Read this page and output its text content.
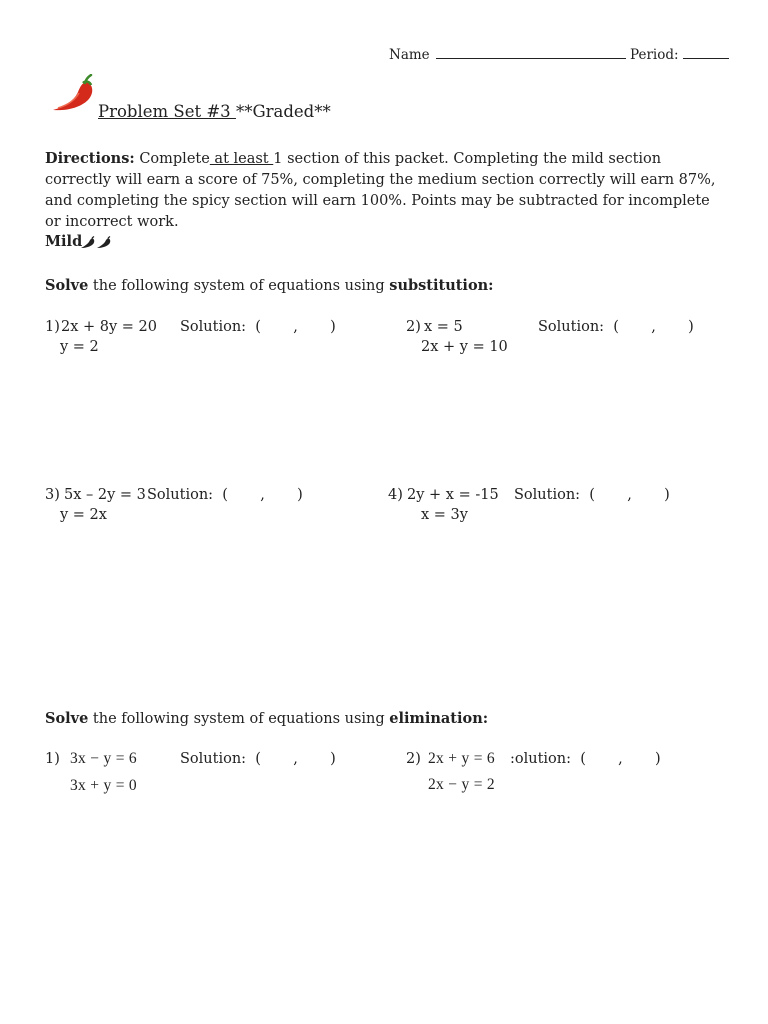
Name	Period:
Problem Set #3 **Graded**
Directions: Complete at least 1 section of this packet. Completing the mild section correctly will earn a score of 75%, completing the medium section correctly will earn 87%, and completing the spicy section will earn 100%. Points may be subtracted for incomplete or incorrect work.
Mild
Solve the following system of equations using substitution:
1) 2x + 8y = 20
y = 2
Solution:  (       ,       )	2) x = 5
2x + y = 10
Solution:  (       ,       )
3) 5x – 2y = 3
y = 2x
Solution:  (       ,       )	4) 2y + x = -15
x = 3y
Solution:  (       ,       )
Solve the following system of equations using elimination:
1) 3x − y = 6
3x + y = 0
Solution:  (       ,       )	2) 2x + y = 6
2x − y = 2
:olution:  (       ,       )
